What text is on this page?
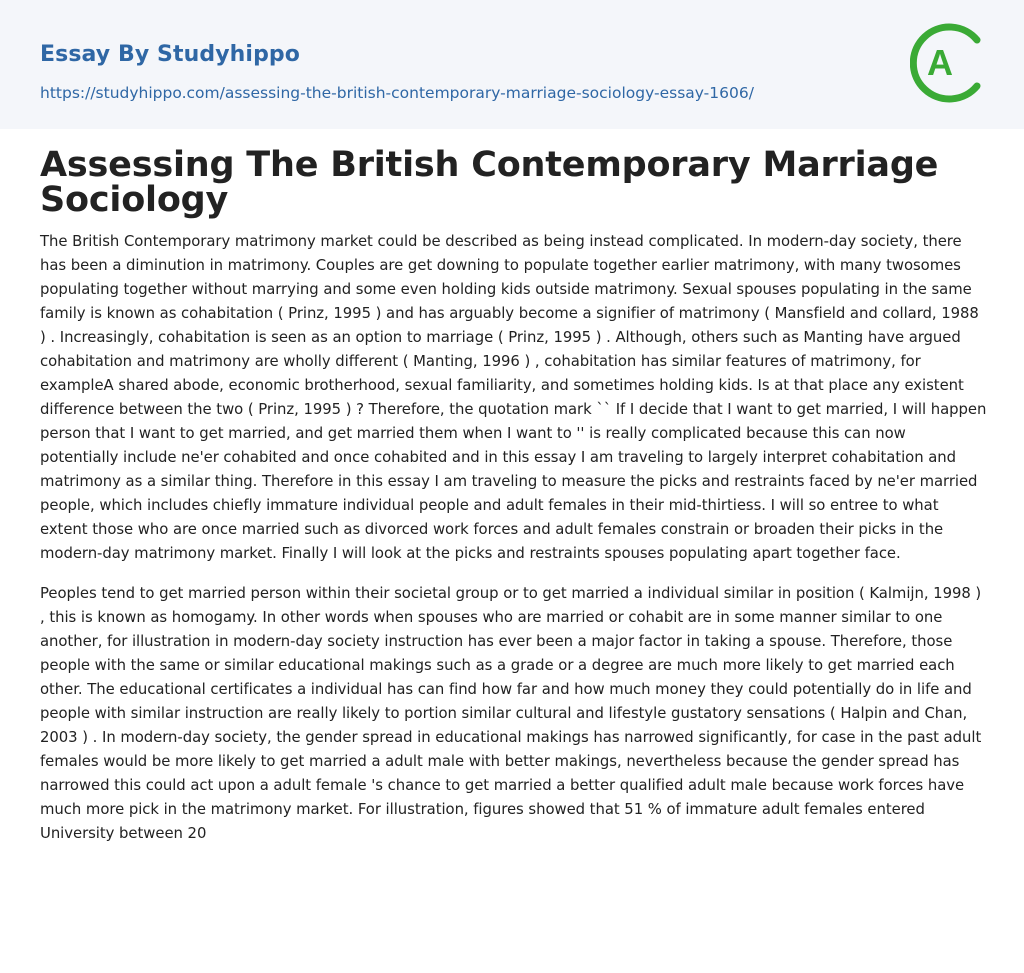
Essay By Studyhippo
https://studyhippo.com/assessing-the-british-contemporary-marriage-sociology-essay-1606/
A
Assessing The British Contemporary Marriage Sociology

The British Contemporary matrimony market could be described as being instead complicated. In modern-day society, there has been a diminution in matrimony. Couples are get downing to populate together earlier matrimony, with many twosomes populating together without marrying and some even holding kids outside matrimony. Sexual spouses populating in the same family is known as cohabitation ( Prinz, 1995 ) and has arguably become a signifier of matrimony ( Mansfield and collard, 1988 ) . Increasingly, cohabitation is seen as an option to marriage ( Prinz, 1995 ) . Although, others such as Manting have argued cohabitation and matrimony are wholly different ( Manting, 1996 ) , cohabitation has similar features of matrimony, for exampleA shared abode, economic brotherhood, sexual familiarity, and sometimes holding kids. Is at that place any existent difference between the two ( Prinz, 1995 ) ? Therefore, the quotation mark `` If I decide that I want to get married, I will happen person that I want to get married, and get married them when I want to '' is really complicated because this can now potentially include ne'er cohabited and once cohabited and in this essay I am traveling to largely interpret cohabitation and matrimony as a similar thing. Therefore in this essay I am traveling to measure the picks and restraints faced by ne'er married people, which includes chiefly immature individual people and adult females in their mid-thirtiess. I will so entree to what extent those who are once married such as divorced work forces and adult females constrain or broaden their picks in the modern-day matrimony market. Finally I will look at the picks and restraints spouses populating apart together face.

Peoples tend to get married person within their societal group or to get married a individual similar in position ( Kalmijn, 1998 ) , this is known as homogamy. In other words when spouses who are married or cohabit are in some manner similar to one another, for illustration in modern-day society instruction has ever been a major factor in taking a spouse. Therefore, those people with the same or similar educational makings such as a grade or a degree are much more likely to get married each other. The educational certificates a individual has can find how far and how much money they could potentially do in life and people with similar instruction are really likely to portion similar cultural and lifestyle gustatory sensations ( Halpin and Chan, 2003 ) . In modern-day society, the gender spread in educational makings has narrowed significantly, for case in the past adult females would be more likely to get married a adult male with better makings, nevertheless because the gender spread has narrowed this could act upon a adult female 's chance to get married a better qualified adult male because work forces have much more pick in the matrimony market. For illustration, figures showed that 51 % of immature adult females entered University between 20
